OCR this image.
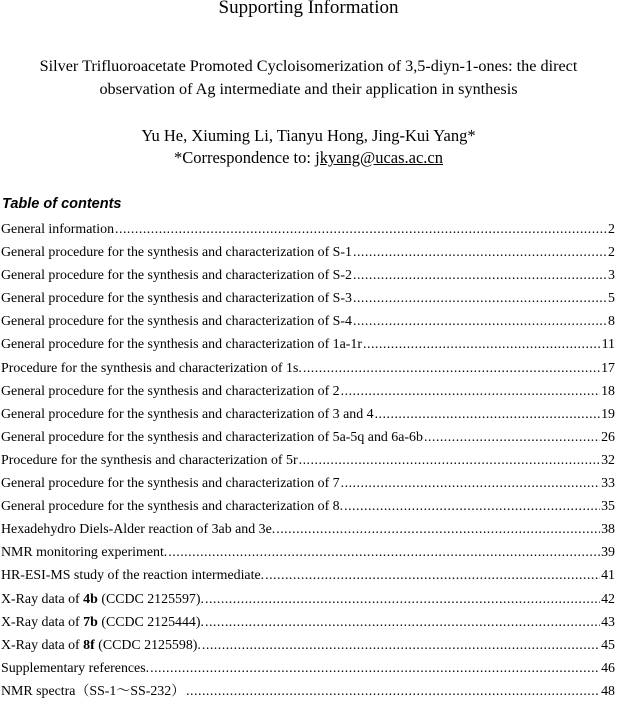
Supporting Information
Silver Trifluoroacetate Promoted Cycloisomerization of 3,5-diyn-1-ones: the direct observation of Ag intermediate and their application in synthesis
Yu He, Xiuming Li, Tianyu Hong, Jing-Kui Yang*
*Correspondence to: jkyang@ucas.ac.cn
Table of contents
General information .....	2
General procedure for the synthesis and characterization of S-1 .....	2
General procedure for the synthesis and characterization of S-2 .....	3
General procedure for the synthesis and characterization of S-3 .....	5
General procedure for the synthesis and characterization of S-4 .....	8
General procedure for the synthesis and characterization of 1a-1r .....	11
Procedure for the synthesis and characterization of 1s. .....	17
General procedure for the synthesis and characterization of 2 .....	18
General procedure for the synthesis and characterization of 3 and 4 .....	19
General procedure for the synthesis and characterization of 5a-5q and 6a-6b .....	26
Procedure for the synthesis and characterization of 5r .....	32
General procedure for the synthesis and characterization of 7 .....	33
General procedure for the synthesis and characterization of 8. .....	35
Hexadehydro Diels-Alder reaction of 3ab and 3e. .....	38
NMR monitoring experiment. .....	39
HR-ESI-MS study of the reaction intermediate. .....	41
X-Ray data of 4b (CCDC 2125597). .....	42
X-Ray data of 7b (CCDC 2125444). .....	43
X-Ray data of 8f (CCDC 2125598). .....	45
Supplementary references. .....	46
NMR spectra（SS-1～SS-232） .....	48
